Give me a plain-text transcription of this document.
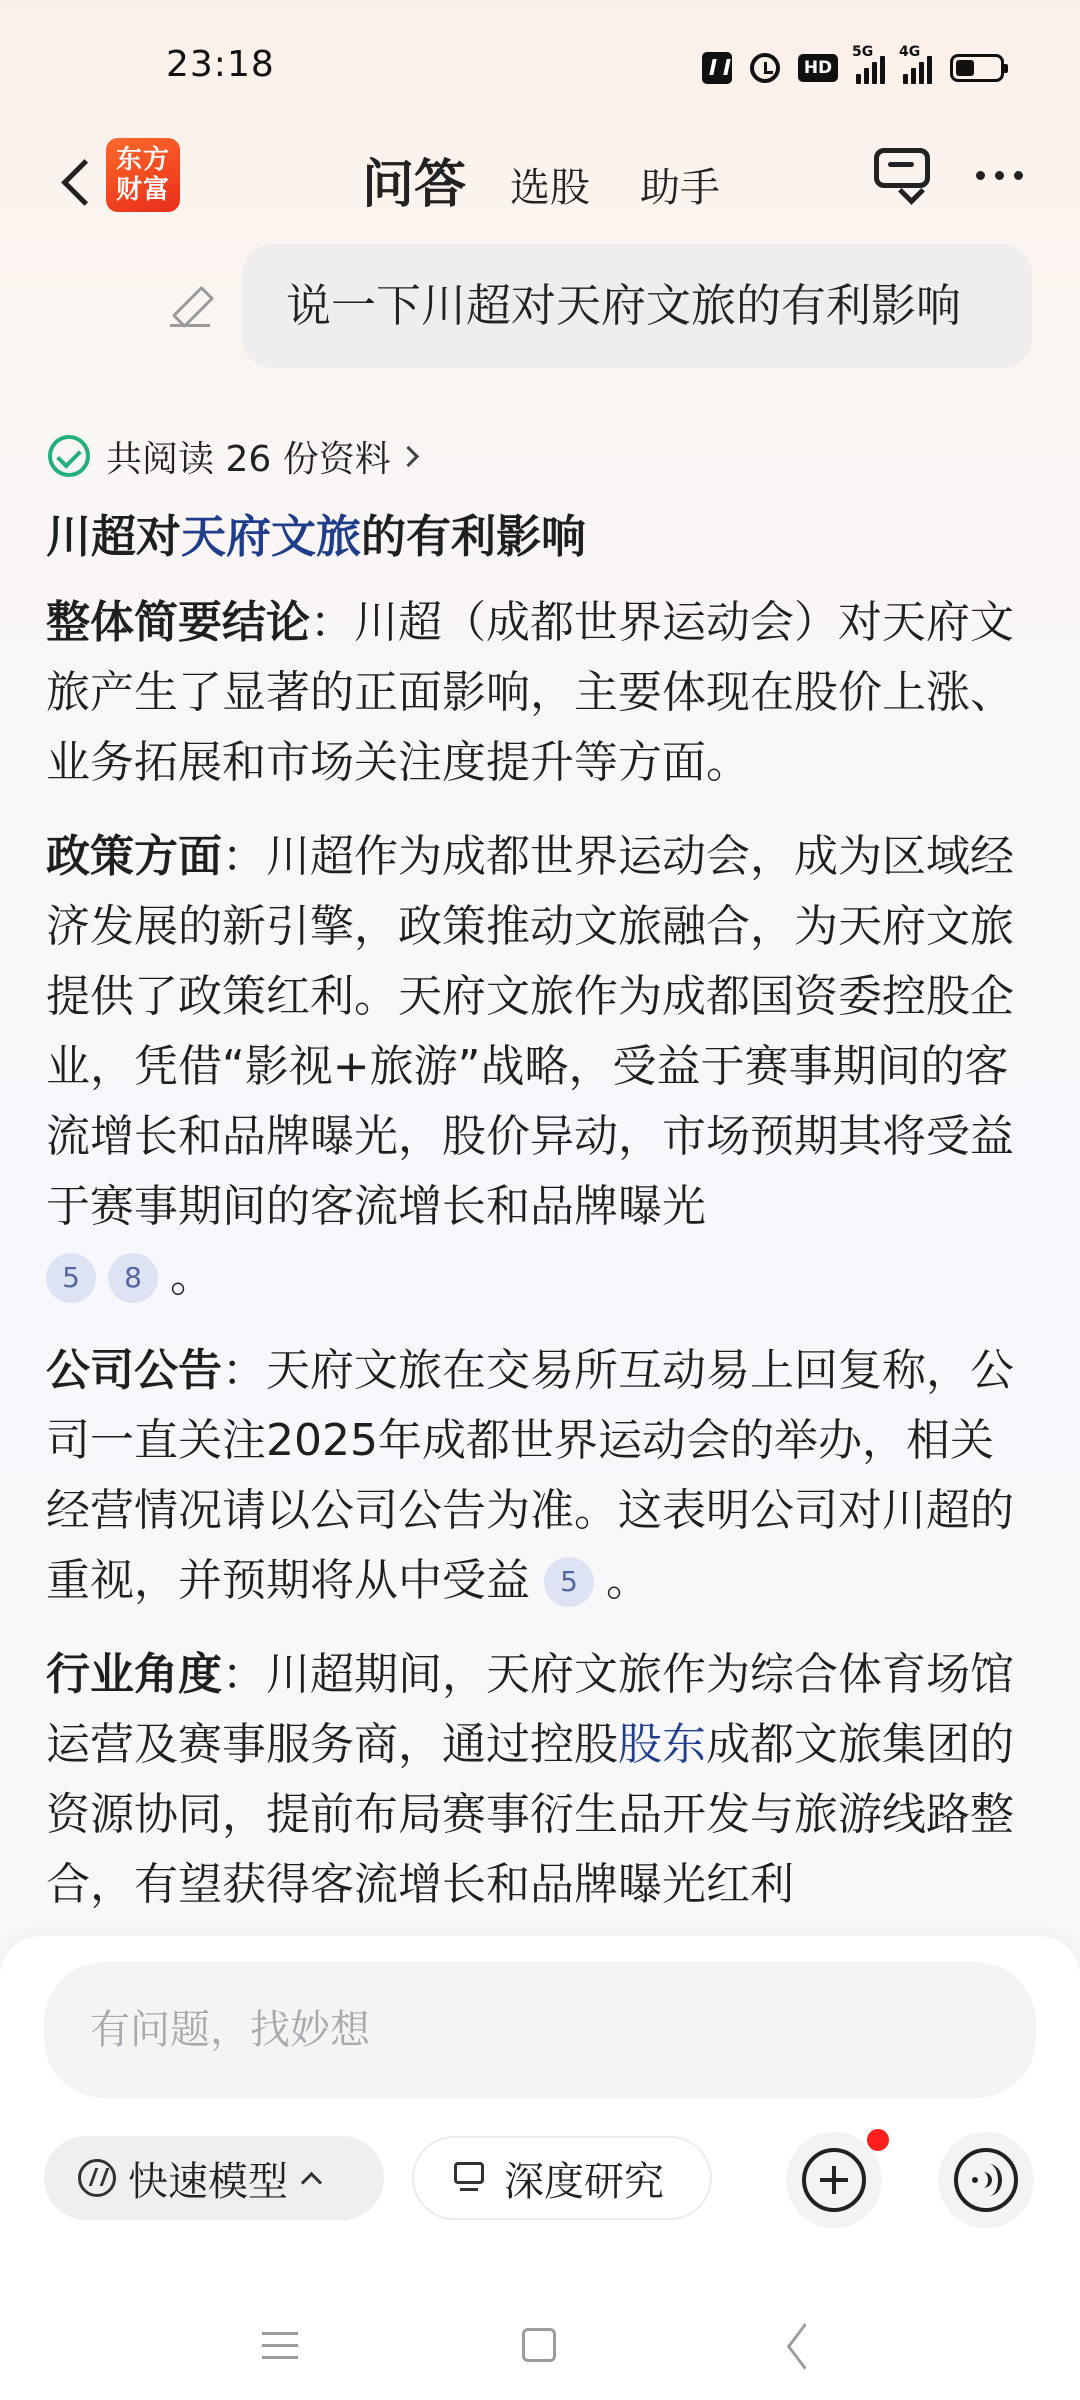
23:18	HD
5G 4G
东方
财富	问答 选股 助手
说一下川超对天府文旅的有利影响
共阅读 26 份资料
川超对天府文旅的有利影响

整体简要结论：川超（成都世界运动会）对天府文旅产生了显著的正面影响，主要体现在股价上涨、业务拓展和市场关注度提升等方面。

政策方面：川超作为成都世界运动会，成为区域经济发展的新引擎，政策推动文旅融合，为天府文旅提供了政策红利。天府文旅作为成都国资委控股企业，凭借“影视+旅游”战略，受益于赛事期间的客流增长和品牌曝光，股价异动，市场预期其将受益于赛事期间的客流增长和品牌曝光
5 8 。

公司公告：天府文旅在交易所互动易上回复称，公司一直关注2025年成都世界运动会的举办，相关经营情况请以公司公告为准。这表明公司对川超的重视，并预期将从中受益 5 。

行业角度：川超期间，天府文旅作为综合体育场馆运营及赛事服务商，通过控股股东成都文旅集团的资源协同，提前布局赛事衍生品开发与旅游线路整合，有望获得客流增长和品牌曝光红利

有问题，找妙想
快速模型	深度研究
